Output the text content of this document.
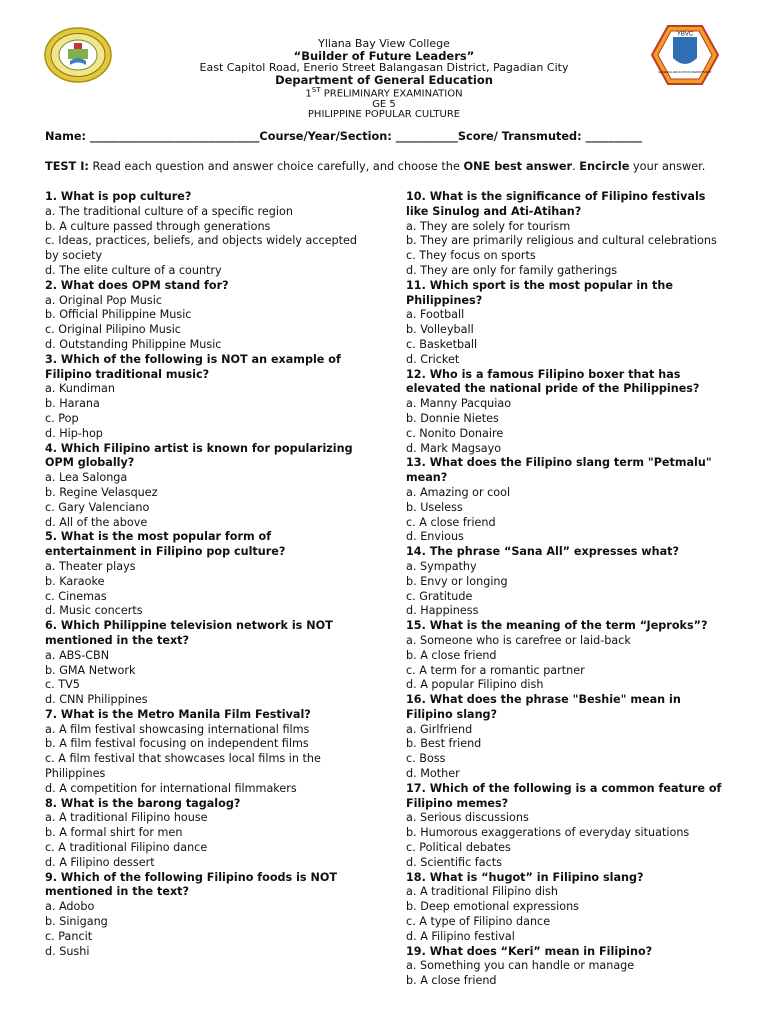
Yllana Bay View College
“Builder of Future Leaders”
East Capitol Road, Enerio Street Balangasan District, Pagadian City
Department of General Education
1ST PRELIMINARY EXAMINATION
GE 5
PHILIPPINE POPULAR CULTURE
YBVC
GENERAL EDUCATION DEPARTMENT
Name: ______________________________Course/Year/Section: ___________Score/ Transmuted: __________
TEST I: Read each question and answer choice carefully, and choose the ONE best answer. Encircle your answer.
1. What is pop culture?
a. The traditional culture of a specific region
b. A culture passed through generations
c. Ideas, practices, beliefs, and objects widely accepted by society
d. The elite culture of a country
2. What does OPM stand for?
a. Original Pop Music
b. Official Philippine Music
c. Original Pilipino Music
d. Outstanding Philippine Music
3. Which of the following is NOT an example of Filipino traditional music?
a. Kundiman
b. Harana
c. Pop
d. Hip-hop
4. Which Filipino artist is known for popularizing OPM globally?
a. Lea Salonga
b. Regine Velasquez
c. Gary Valenciano
d. All of the above
5. What is the most popular form of entertainment in Filipino pop culture?
a. Theater plays
b. Karaoke
c. Cinemas
d. Music concerts
6. Which Philippine television network is NOT mentioned in the text?
a. ABS-CBN
b. GMA Network
c. TV5
d. CNN Philippines
7. What is the Metro Manila Film Festival?
a. A film festival showcasing international films
b. A film festival focusing on independent films
c. A film festival that showcases local films in the Philippines
d. A competition for international filmmakers
8. What is the barong tagalog?
a. A traditional Filipino house
b. A formal shirt for men
c. A traditional Filipino dance
d. A Filipino dessert
9. Which of the following Filipino foods is NOT mentioned in the text?
a. Adobo
b. Sinigang
c. Pancit
d. Sushi
10. What is the significance of Filipino festivals like Sinulog and Ati-Atihan?
a. They are solely for tourism
b. They are primarily religious and cultural celebrations
c. They focus on sports
d. They are only for family gatherings
11. Which sport is the most popular in the Philippines?
a. Football
b. Volleyball
c. Basketball
d. Cricket
12. Who is a famous Filipino boxer that has elevated the national pride of the Philippines?
a. Manny Pacquiao
b. Donnie Nietes
c. Nonito Donaire
d. Mark Magsayo
13. What does the Filipino slang term "Petmalu" mean?
a. Amazing or cool
b. Useless
c. A close friend
d. Envious
14. The phrase “Sana All” expresses what?
a. Sympathy
b. Envy or longing
c. Gratitude
d. Happiness
15. What is the meaning of the term “Jeproks”?
a. Someone who is carefree or laid-back
b. A close friend
c. A term for a romantic partner
d. A popular Filipino dish
16. What does the phrase "Beshie" mean in Filipino slang?
a. Girlfriend
b. Best friend
c. Boss
d. Mother
17. Which of the following is a common feature of Filipino memes?
a. Serious discussions
b. Humorous exaggerations of everyday situations
c. Political debates
d. Scientific facts
18. What is “hugot” in Filipino slang?
a. A traditional Filipino dish
b. Deep emotional expressions
c. A type of Filipino dance
d. A Filipino festival
19. What does “Keri” mean in Filipino?
a. Something you can handle or manage
b. A close friend
